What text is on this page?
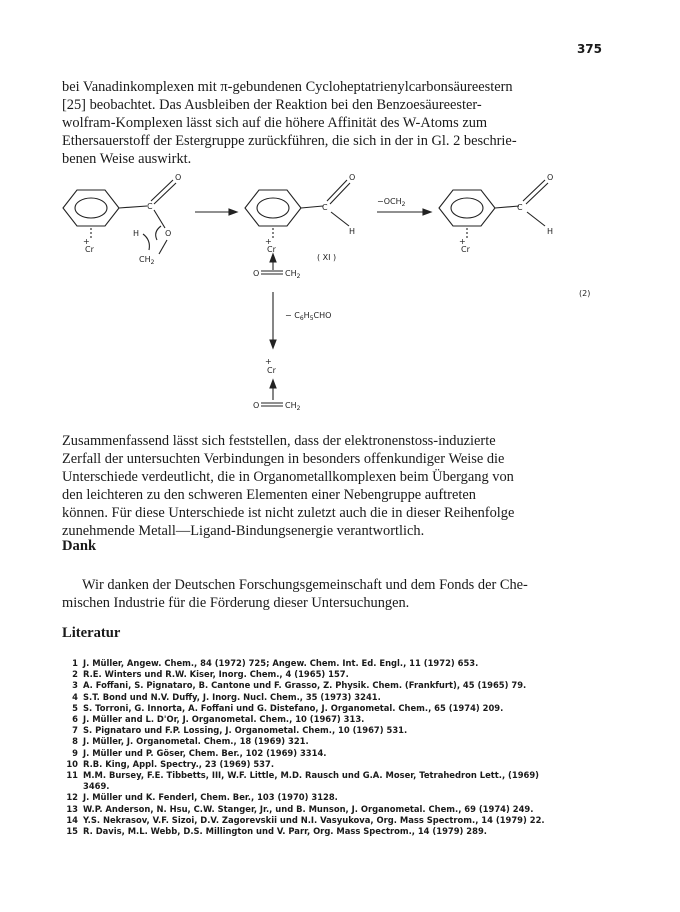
375

bei Vanadinkomplexen mit π-gebundenen Cycloheptatrienylcarbonsäureestern
[25] beobachtet. Das Ausbleiben der Reaktion bei den Benzoesäureester-
wolfram-Komplexen lässt sich auf die höhere Affinität des W-Atoms zum
Ethersauerstoff der Estergruppe zurückführen, die sich in der in Gl. 2 beschrie-
benen Weise auswirkt.

O
C
O
$CH_2$
H
+
Cr
O
C
H
+
Cr
( XI )
O	$CH_2$
$-OCH_2$
O
C
H
+
Cr
(2)
− $C_6H_5CHO$
+
Cr
O	$CH_2$

Zusammenfassend lässt sich feststellen, dass der elektronenstoss-induzierte
Zerfall der untersuchten Verbindungen in besonders offenkundiger Weise die
Unterschiede verdeutlicht, die in Organometallkomplexen beim Übergang von
den leichteren zu den schweren Elementen einer Nebengruppe auftreten
können. Für diese Unterschiede ist nicht zuletzt auch die in dieser Reihenfolge
zunehmende Metall—Ligand-Bindungsenergie verantwortlich.

Dank

Wir danken der Deutschen Forschungsgemeinschaft und dem Fonds der Che-
mischen Industrie für die Förderung dieser Untersuchungen.

Literatur
1 J. Müller, Angew. Chem., 84 (1972) 725; Angew. Chem. Int. Ed. Engl., 11 (1972) 653.
2 R.E. Winters und R.W. Kiser, Inorg. Chem., 4 (1965) 157.
3 A. Foffani, S. Pignataro, B. Cantone und F. Grasso, Z. Physik. Chem. (Frankfurt), 45 (1965) 79.
4 S.T. Bond und N.V. Duffy, J. Inorg. Nucl. Chem., 35 (1973) 3241.
5 S. Torroni, G. Innorta, A. Foffani und G. Distefano, J. Organometal. Chem., 65 (1974) 209.
6 J. Müller and L. D'Or, J. Organometal. Chem., 10 (1967) 313.
7 S. Pignataro und F.P. Lossing, J. Organometal. Chem., 10 (1967) 531.
8 J. Müller, J. Organometal. Chem., 18 (1969) 321.
9 J. Müller und P. Göser, Chem. Ber., 102 (1969) 3314.
10 R.B. King, Appl. Spectry., 23 (1969) 537.
11 M.M. Bursey, F.E. Tibbetts, III, W.F. Little, M.D. Rausch und G.A. Moser, Tetrahedron Lett., (1969)
3469.
12 J. Müller und K. Fenderl, Chem. Ber., 103 (1970) 3128.
13 W.P. Anderson, N. Hsu, C.W. Stanger, Jr., und B. Munson, J. Organometal. Chem., 69 (1974) 249.
14 Y.S. Nekrasov, V.F. Sizoi, D.V. Zagorevskii und N.I. Vasyukova, Org. Mass Spectrom., 14 (1979) 22.
15 R. Davis, M.L. Webb, D.S. Millington und V. Parr, Org. Mass Spectrom., 14 (1979) 289.
